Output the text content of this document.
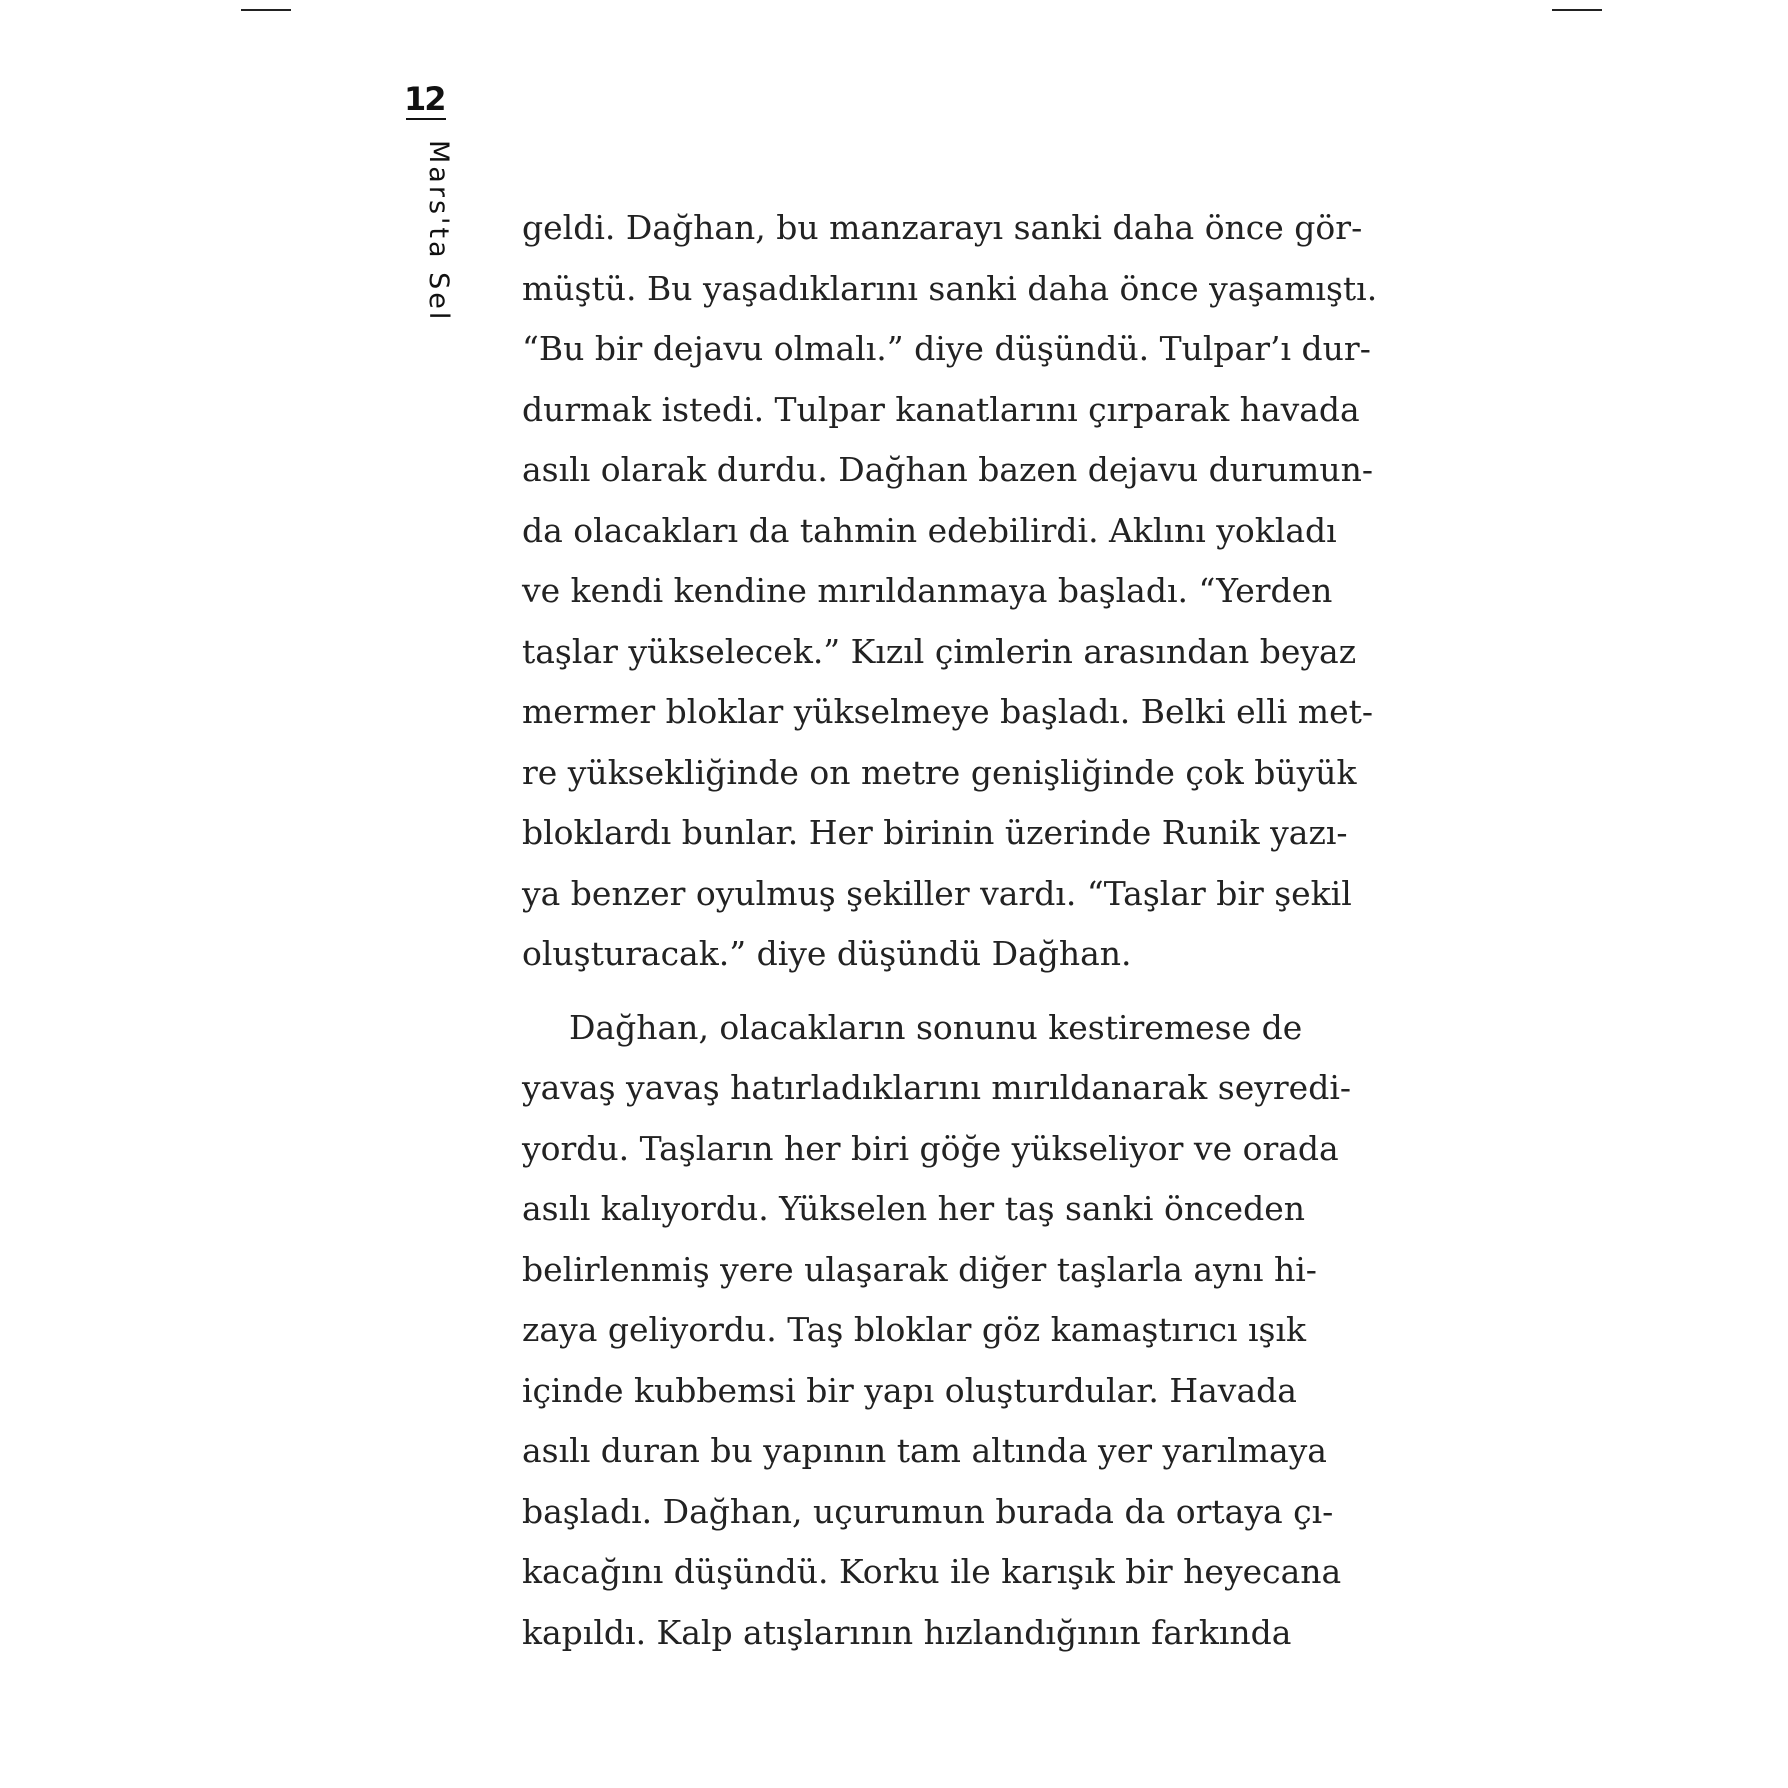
12
Mars'ta Sel geldi. Dağhan, bu manzarayı sanki daha önce gör-
müştü. Bu yaşadıklarını sanki daha önce yaşamıştı.
“Bu bir dejavu olmalı.” diye düşündü. Tulpar’ı dur-
durmak istedi. Tulpar kanatlarını çırparak havada
asılı olarak durdu. Dağhan bazen dejavu durumun-
da olacakları da tahmin edebilirdi. Aklını yokladı
ve kendi kendine mırıldanmaya başladı. “Yerden
taşlar yükselecek.” Kızıl çimlerin arasından beyaz
mermer bloklar yükselmeye başladı. Belki elli met-
re yüksekliğinde on metre genişliğinde çok büyük
bloklardı bunlar. Her birinin üzerinde Runik yazı-
ya benzer oyulmuş şekiller vardı. “Taşlar bir şekil
oluşturacak.” diye düşündü Dağhan.
Dağhan, olacakların sonunu kestiremese de
yavaş yavaş hatırladıklarını mırıldanarak seyredi-
yordu. Taşların her biri göğe yükseliyor ve orada
asılı kalıyordu. Yükselen her taş sanki önceden
belirlenmiş yere ulaşarak diğer taşlarla aynı hi-
zaya geliyordu. Taş bloklar göz kamaştırıcı ışık
içinde kubbemsi bir yapı oluşturdular. Havada
asılı duran bu yapının tam altında yer yarılmaya
başladı. Dağhan, uçurumun burada da ortaya çı-
kacağını düşündü. Korku ile karışık bir heyecana
kapıldı. Kalp atışlarının hızlandığının farkında
